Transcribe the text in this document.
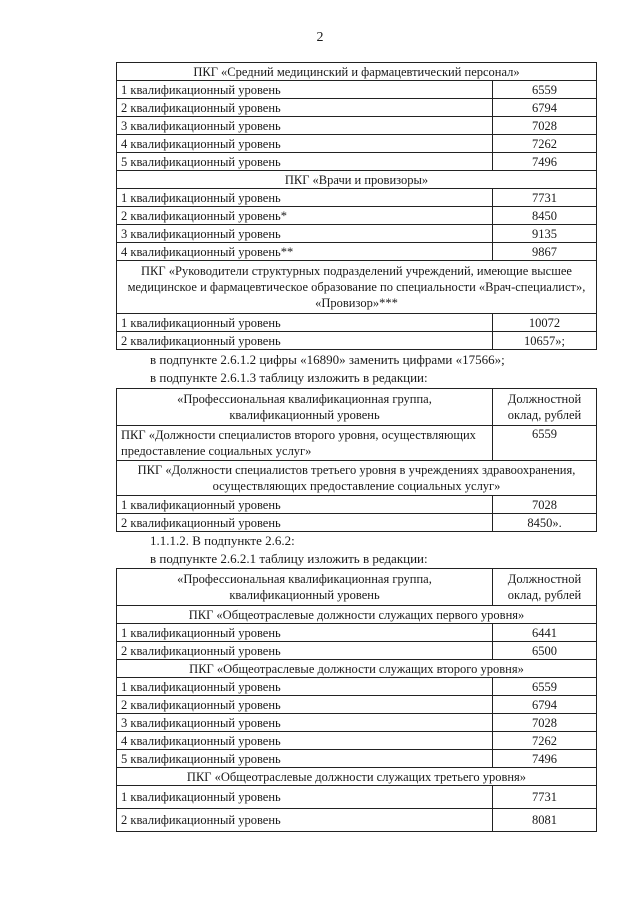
2
ПКГ «Средний медицинский и фармацевтический персонал»	
1 квалификационный уровень	6559
2 квалификационный уровень	6794
3 квалификационный уровень	7028
4 квалификационный уровень	7262
5 квалификационный уровень	7496
ПКГ «Врачи и провизоры»	
1 квалификационный уровень	7731
2 квалификационный уровень*	8450
3 квалификационный уровень	9135
4 квалификационный уровень**	9867
ПКГ «Руководители структурных подразделений учреждений, имеющие высшее медицинское и фармацевтическое образование по специальности «Врач-специалист», «Провизор»***	
1 квалификационный уровень	10072
2 квалификационный уровень	10657»;
в подпункте 2.6.1.2 цифры «16890» заменить цифрами «17566»;
в подпункте 2.6.1.3 таблицу изложить в редакции:
«Профессиональная квалификационная группа, квалификационный уровень	Должностной оклад, рублей
ПКГ «Должности специалистов второго уровня, осуществляющих предоставление социальных услуг»	6559
ПКГ «Должности специалистов третьего уровня в учреждениях здравоохранения, осуществляющих предоставление социальных услуг»	
1 квалификационный уровень	7028
2 квалификационный уровень	8450».
1.1.1.2. В подпункте 2.6.2:
в подпункте 2.6.2.1 таблицу изложить в редакции:
«Профессиональная квалификационная группа, квалификационный уровень	Должностной оклад, рублей
ПКГ «Общеотраслевые должности служащих первого уровня»	
1 квалификационный уровень	6441
2 квалификационный уровень	6500
ПКГ «Общеотраслевые должности служащих второго уровня»	
1 квалификационный уровень	6559
2 квалификационный уровень	6794
3 квалификационный уровень	7028
4 квалификационный уровень	7262
5 квалификационный уровень	7496
ПКГ «Общеотраслевые должности служащих третьего уровня»	
1 квалификационный уровень	7731
2 квалификационный уровень	8081
